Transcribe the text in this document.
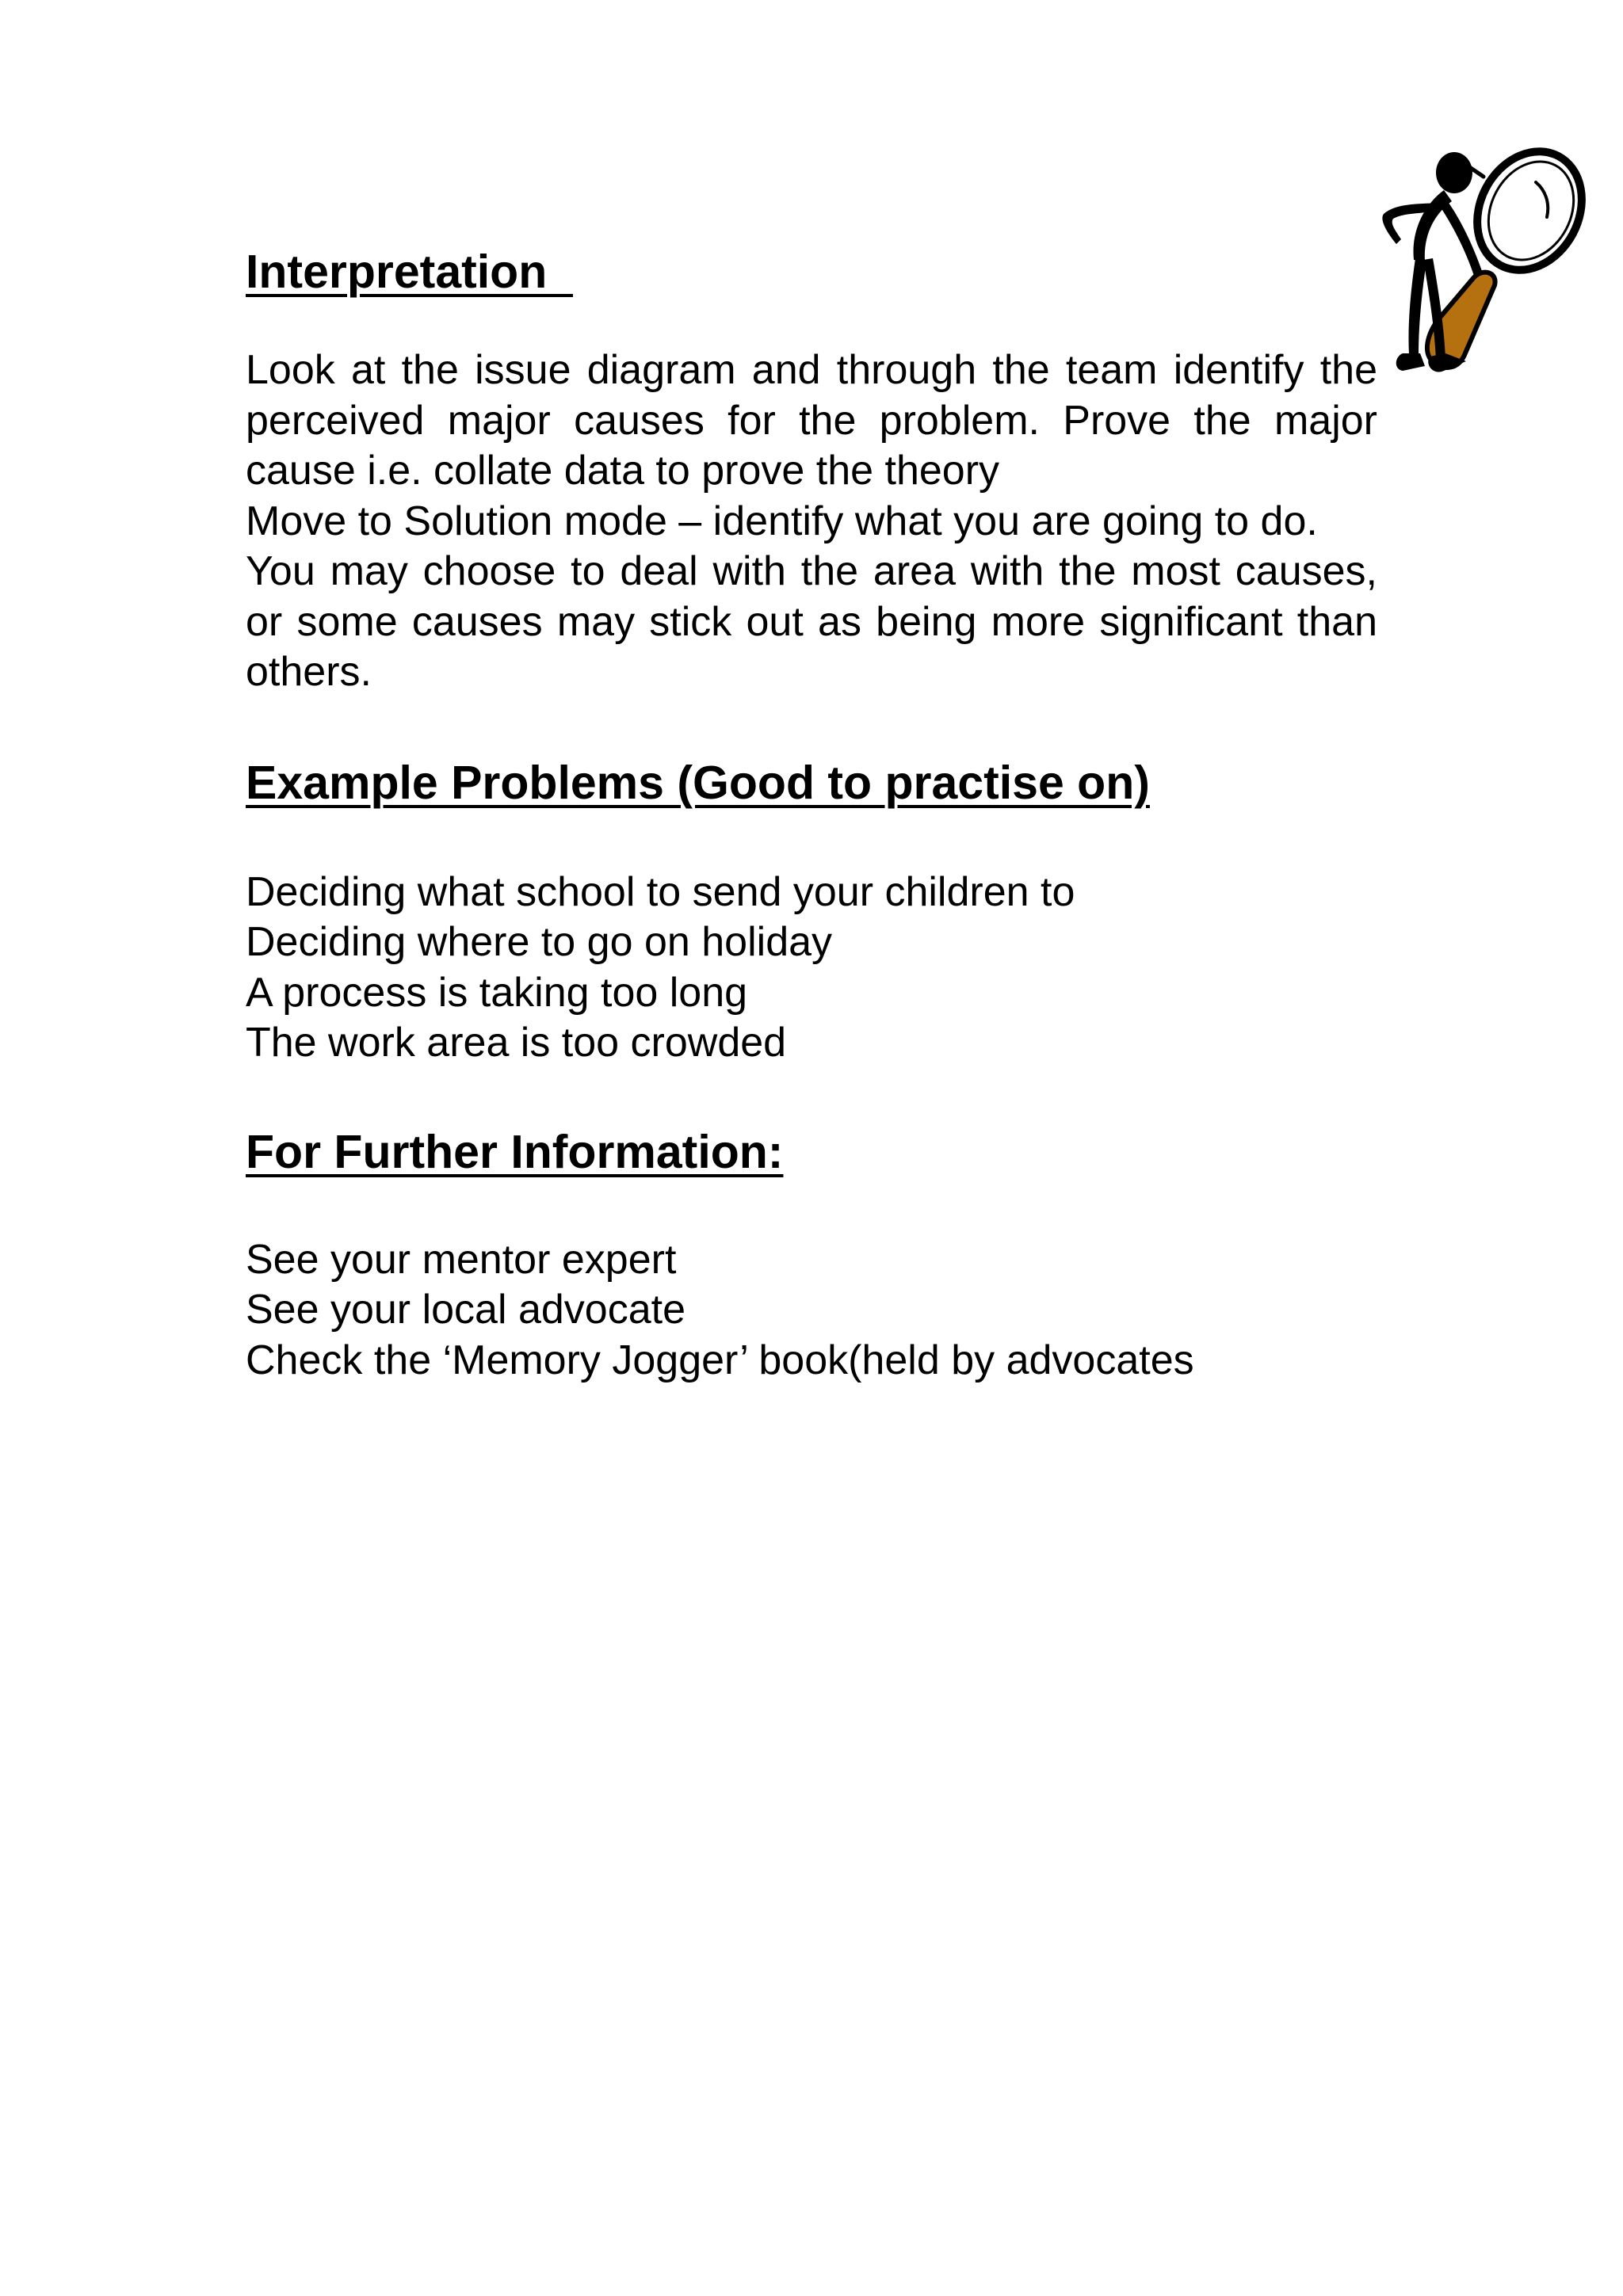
Interpretation

Look at the issue diagram and through the team identify the perceived major causes for the problem. Prove the major cause i.e. collate data to prove the theory

Move to Solution mode – identify what you are going to do.

You may choose to deal with the area with the most causes, or some causes may stick out as being more significant than others.

Example Problems (Good to practise on)

Deciding what school to send your children to

Deciding where to go on holiday

A process is taking too long

The work area is too crowded

For Further Information:

See your mentor expert

See your local advocate

Check the ‘Memory Jogger’ book(held by advocates
